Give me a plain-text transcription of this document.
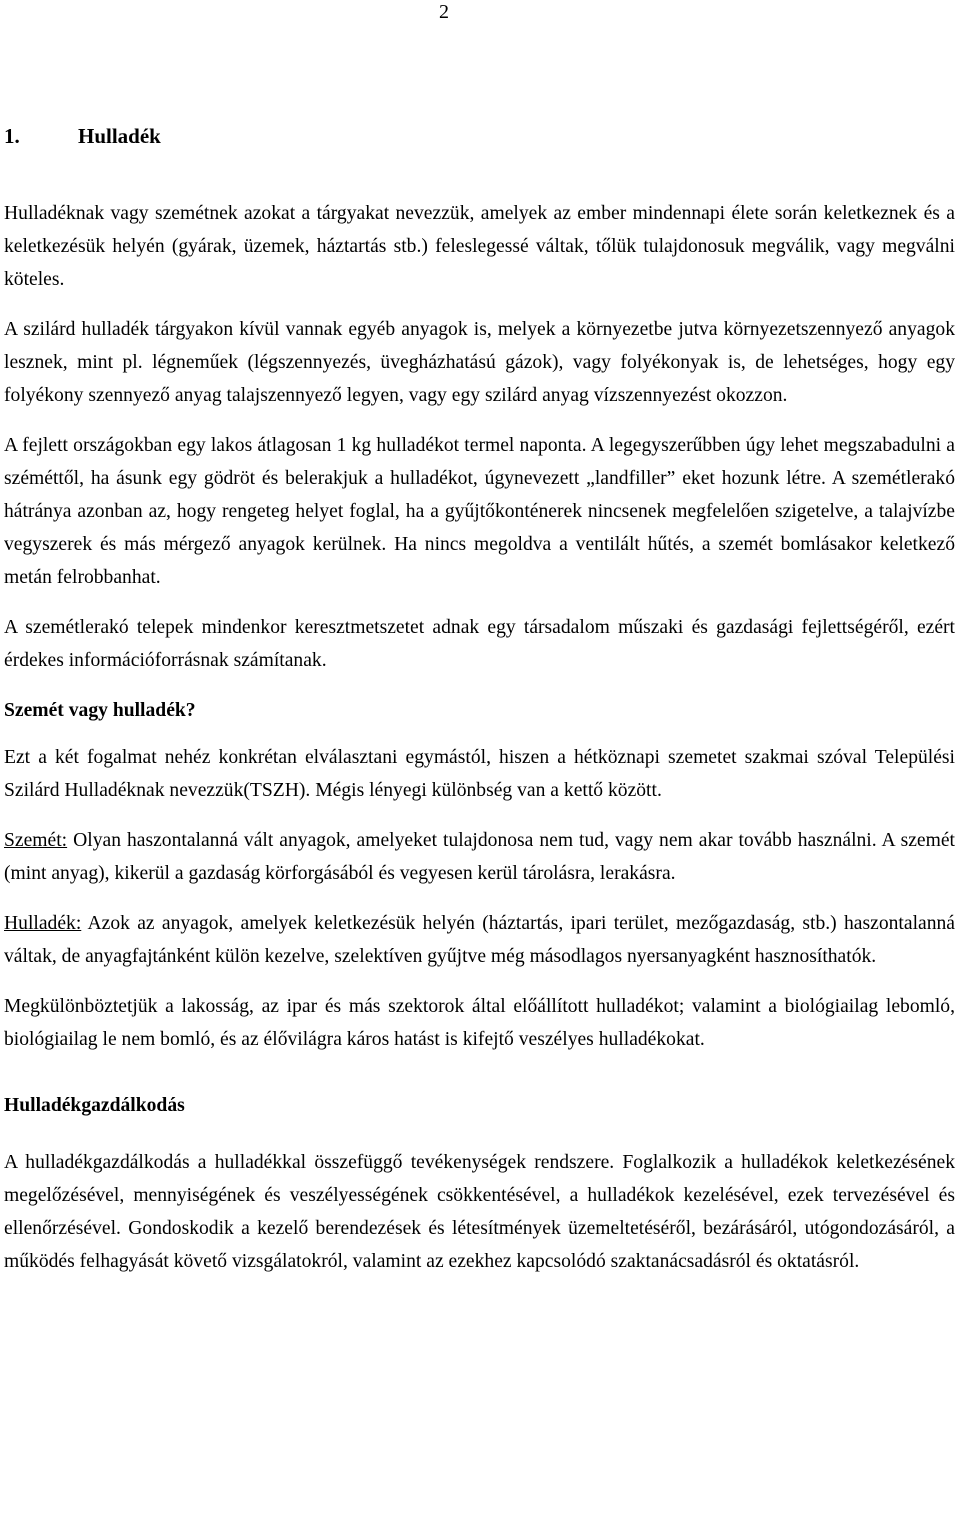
2
1.	Hulladék

Hulladéknak vagy szemétnek azokat a tárgyakat nevezzük, amelyek az ember mindennapi élete során keletkeznek és a keletkezésük helyén (gyárak, üzemek, háztartás stb.) feleslegessé váltak, tőlük tulajdonosuk megválik, vagy megválni köteles.

A szilárd hulladék tárgyakon kívül vannak egyéb anyagok is, melyek a környezetbe jutva környezetszennyező anyagok lesznek, mint pl. légneműek (légszennyezés, üvegházhatású gázok), vagy folyékonyak is, de lehetséges, hogy egy folyékony szennyező anyag talajszennyező legyen, vagy egy szilárd anyag vízszennyezést okozzon.

A fejlett országokban egy lakos átlagosan 1 kg hulladékot termel naponta. A legegyszerűbben úgy lehet megszabadulni a széméttől, ha ásunk egy gödröt és belerakjuk a hulladékot, úgynevezett „landfiller” eket hozunk létre. A szemétlerakó hátránya azonban az, hogy rengeteg helyet foglal, ha a gyűjtőkonténerek nincsenek megfelelően szigetelve, a talajvízbe vegyszerek és más mérgező anyagok kerülnek. Ha nincs megoldva a ventilált hűtés, a szemét bomlásakor keletkező metán felrobbanhat.

A szemétlerakó telepek mindenkor keresztmetszetet adnak egy társadalom műszaki és gazdasági fejlettségéről, ezért érdekes információforrásnak számítanak.

Szemét vagy hulladék?

Ezt a két fogalmat nehéz konkrétan elválasztani egymástól, hiszen a hétköznapi szemetet szakmai szóval Települési Szilárd Hulladéknak nevezzük(TSZH). Mégis lényegi különbség van a kettő között.

Szemét: Olyan haszontalanná vált anyagok, amelyeket tulajdonosa nem tud, vagy nem akar tovább használni. A szemét (mint anyag), kikerül a gazdaság körforgásából és vegyesen kerül tárolásra, lerakásra.

Hulladék: Azok az anyagok, amelyek keletkezésük helyén (háztartás, ipari terület, mezőgazdaság, stb.) haszontalanná váltak, de anyagfajtánként külön kezelve, szelektíven gyűjtve még másodlagos nyersanyagként hasznosíthatók.

Megkülönböztetjük a lakosság, az ipar és más szektorok által előállított hulladékot; valamint a biológiailag lebomló, biológiailag le nem bomló, és az élővilágra káros hatást is kifejtő veszélyes hulladékokat.

Hulladékgazdálkodás

A hulladékgazdálkodás a hulladékkal összefüggő tevékenységek rendszere. Foglalkozik a hulladékok keletkezésének megelőzésével, mennyiségének és veszélyességének csökkentésével, a hulladékok kezelésével, ezek tervezésével és ellenőrzésével. Gondoskodik a kezelő berendezések és létesítmények üzemeltetéséről, bezárásáról, utógondozásáról, a működés felhagyását követő vizsgálatokról, valamint az ezekhez kapcsolódó szaktanácsadásról és oktatásról.
